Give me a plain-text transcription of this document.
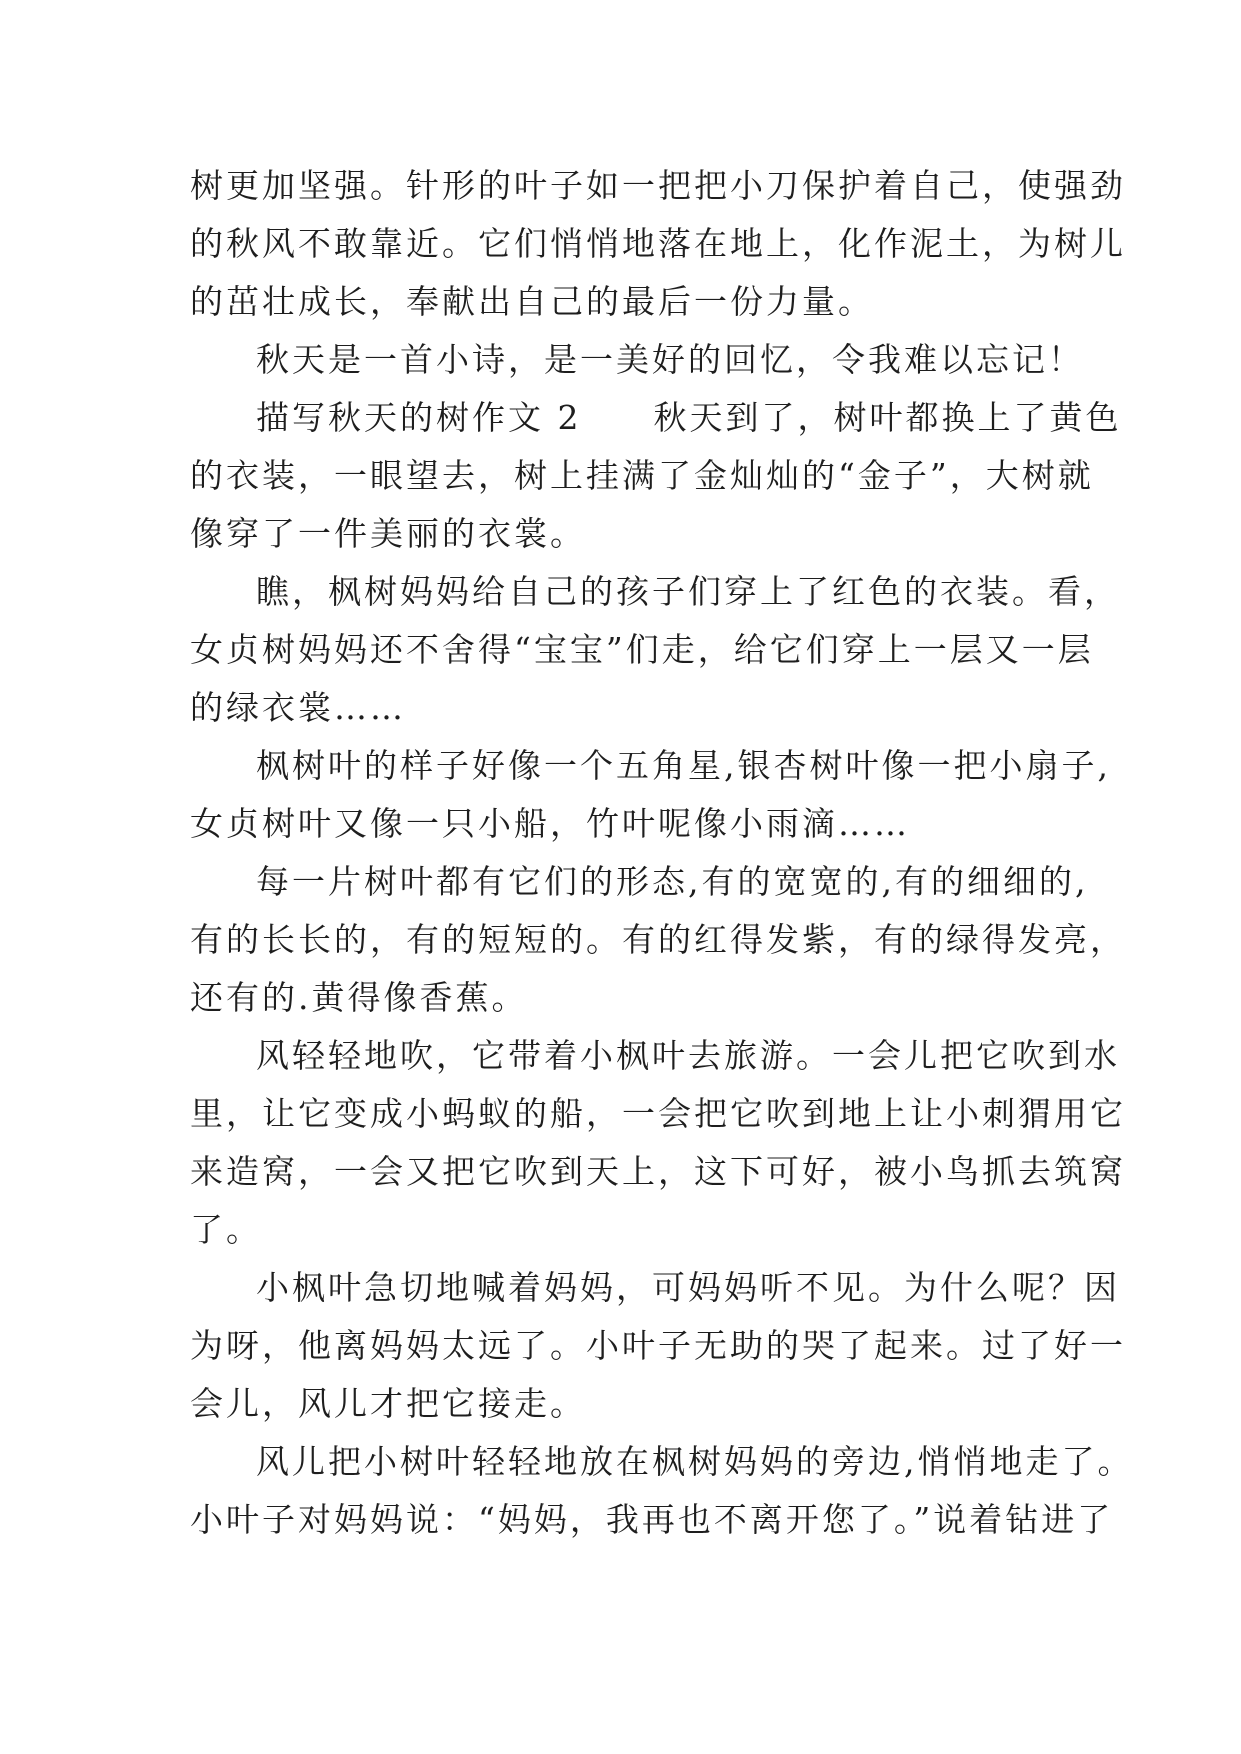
树更加坚强。针形的叶子如一把把小刀保护着自己，使强劲
的秋风不敢靠近。它们悄悄地落在地上，化作泥土，为树儿
的茁壮成长，奉献出自己的最后一份力量。
秋天是一首小诗，是一美好的回忆，令我难以忘记！
描写秋天的树作文 2　　秋天到了，树叶都换上了黄色
的衣装，一眼望去，树上挂满了金灿灿的“金子”，大树就
像穿了一件美丽的衣裳。
瞧，枫树妈妈给自己的孩子们穿上了红色的衣装。看，
女贞树妈妈还不舍得“宝宝”们走，给它们穿上一层又一层
的绿衣裳……
枫树叶的样子好像一个五角星,银杏树叶像一把小扇子,
女贞树叶又像一只小船，竹叶呢像小雨滴……
每一片树叶都有它们的形态,有的宽宽的,有的细细的,
有的长长的，有的短短的。有的红得发紫，有的绿得发亮，
还有的.黄得像香蕉。
风轻轻地吹，它带着小枫叶去旅游。一会儿把它吹到水
里，让它变成小蚂蚁的船，一会把它吹到地上让小刺猬用它
来造窝，一会又把它吹到天上，这下可好，被小鸟抓去筑窝
了。
小枫叶急切地喊着妈妈，可妈妈听不见。为什么呢？因
为呀，他离妈妈太远了。小叶子无助的哭了起来。过了好一
会儿，风儿才把它接走。
风儿把小树叶轻轻地放在枫树妈妈的旁边,悄悄地走了。
小叶子对妈妈说：“妈妈，我再也不离开您了。”说着钻进了
